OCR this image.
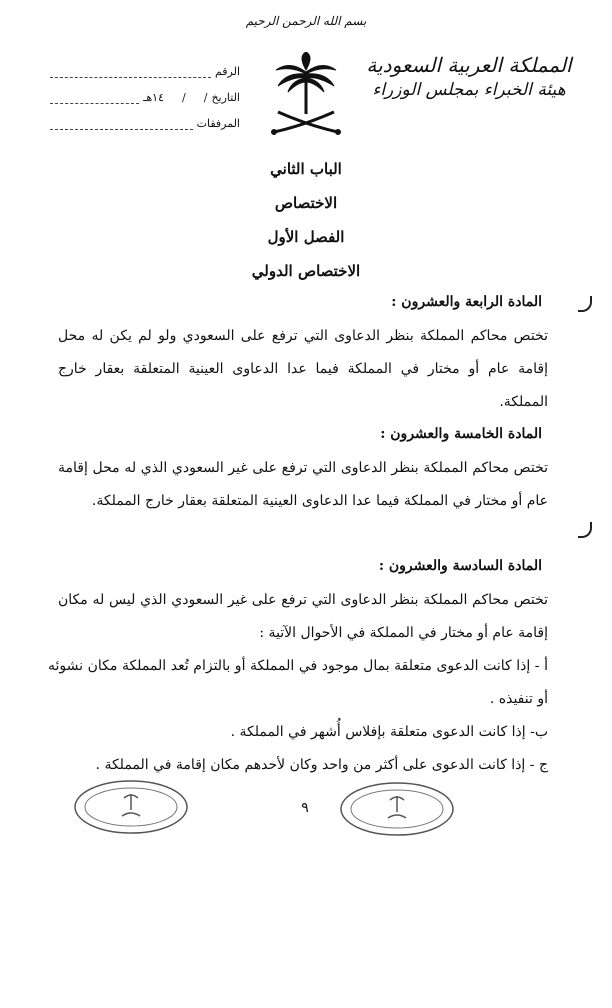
بسم الله الرحمن الرحيم
المملكة العربية السعودية
هيئة الخبراء بمجلس الوزراء
الرقم
التاريخ
/
/
١٤هـ
المرفقات
الباب الثاني
الاختصاص
الفصل الأول
الاختصاص الدولي
المادة الرابعة والعشرون :
تختص محاكم المملكة بنظر الدعاوى التي ترفع على السعودي ولو لم يكن له محل إقامة عام أو مختار في المملكة فيما عدا الدعاوى العينية المتعلقة بعقار خارج المملكة.
المادة الخامسة والعشرون :
تختص محاكم المملكة بنظر الدعاوى التي ترفع على غير السعودي الذي له محل إقامة عام أو مختار في المملكة فيما عدا الدعاوى العينية المتعلقة بعقار خارج المملكة.
المادة السادسة والعشرون :
تختص محاكم المملكة بنظر الدعاوى التي ترفع على غير السعودي الذي ليس له مكان إقامة عام أو مختار في المملكة في الأحوال الآتية :
أ - إذا كانت الدعوى متعلقة بمال موجود في المملكة أو بالتزام تُعد المملكة مكان نشوئه أو تنفيذه .
ب- إذا كانت الدعوى متعلقة بإفلاس أُشهر في المملكة .
ج - إذا كانت الدعوى على أكثر من واحد وكان لأحدهم مكان إقامة في المملكة .
٩
